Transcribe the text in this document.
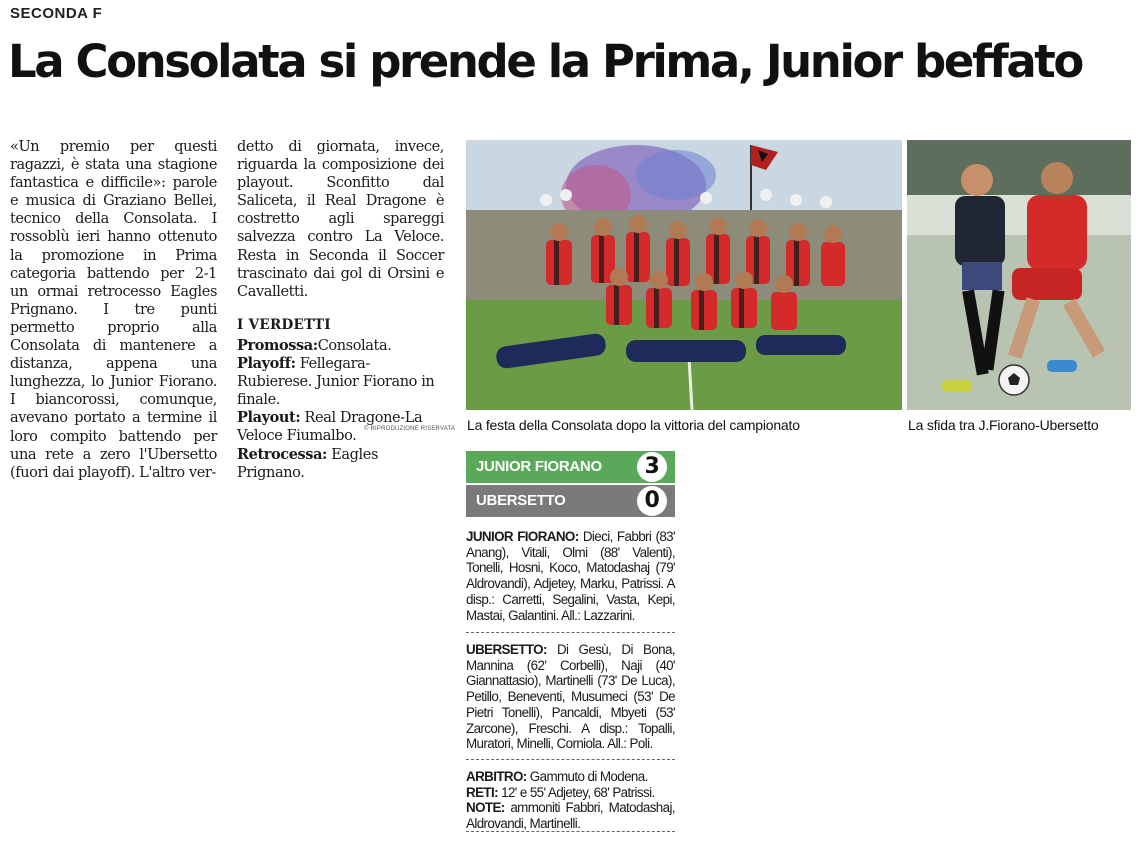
SECONDA F
La Consolata si prende la Prima, Junior beffato

«Un premio per questi ragazzi, è stata una stagione fantastica e difficile»: parole e musica di Graziano Bellei, tecnico della Consolata. I rossoblù ieri hanno ottenuto la promozione in Prima categoria battendo per 2-1 un ormai retrocesso Eagles Prignano. I tre punti permetto proprio alla Consolata di mantenere a distanza, appena una lunghezza, lo Junior Fiorano. I biancorossi, comunque, avevano portato a termine il loro compito battendo per una rete a zero l'Ubersetto (fuori dai playoff). L'altro ver-

detto di giornata, invece, riguarda la composizione dei playout. Sconfitto dal Saliceta, il Real Dragone è costretto agli spareggi salvezza contro La Veloce. Resta in Seconda il Soccer trascinato dai gol di Orsini e Cavalletti.

I VERDETTI
Promossa:Consolata.
Playoff: Fellegara-Rubierese. Junior Fiorano in finale.
Playout: Real Dragone-La Veloce Fiumalbo.
Retrocessa: Eagles Prignano.
© RIPRODUZIONE RISERVATA La festa della Consolata dopo la vittoria del campionato	La sfida tra J.Fiorano-Ubersetto
JUNIOR FIORANO	3
UBERSETTO	0
JUNIOR FIORANO: Dieci, Fabbri (83' Anang), Vitali, Olmi (88' Valenti), Tonelli, Hosni, Koco, Matodashaj (79' Aldrovandi), Adjetey, Marku, Patrissi. A disp.: Carretti, Segalini, Vasta, Kepi, Mastai, Galantini. All.: Lazzarini.
UBERSETTO: Di Gesù, Di Bona, Mannina (62' Corbelli), Naji (40' Giannattasio), Martinelli (73' De Luca), Petillo, Beneventi, Musumeci (53' De Pietri Tonelli), Pancaldi, Mbyeti (53' Zarcone), Freschi. A disp.: Topalli, Muratori, Minelli, Corniola. All.: Poli.
ARBITRO: Gammuto di Modena.
RETI: 12' e 55' Adjetey, 68' Patrissi.
NOTE: ammoniti Fabbri, Matodashaj, Aldrovandi, Martinelli.
